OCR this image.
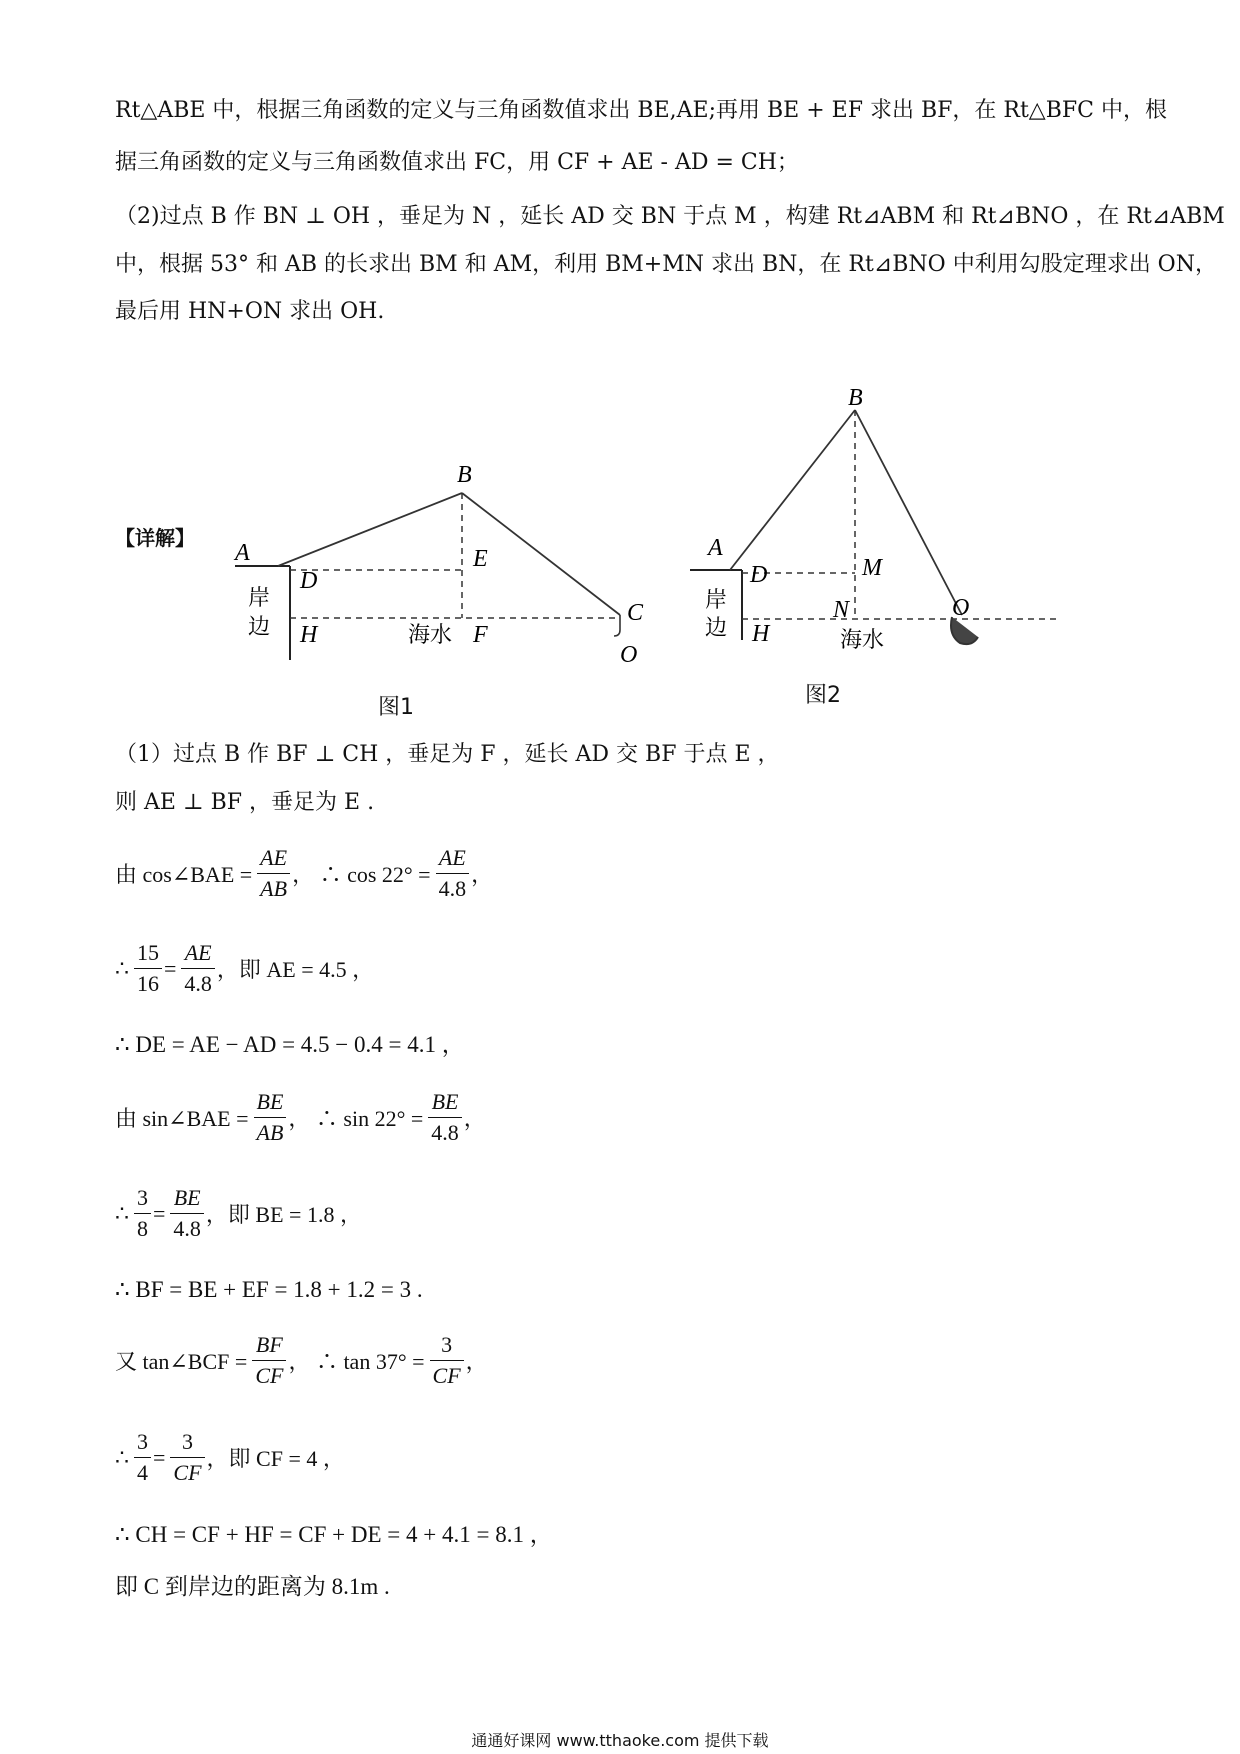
Rt△ABE 中，根据三角函数的定义与三角函数值求出 BE,AE;再用 BE + EF 求出 BF，在 Rt△BFC 中，根
据三角函数的定义与三角函数值求出 FC，用 CF + AE - AD = CH；
（2)过点 B 作 BN ⊥ OH ，垂足为 N ，延长 AD 交 BN 于点 M ，构建 Rt⊿ABM 和 Rt⊿BNO ，在 Rt⊿ABM
中，根据 53° 和 AB 的长求出 BM 和 AM，利用 BM+MN 求出 BN，在 Rt⊿BNO 中利用勾股定理求出 ON，
最后用 HN+ON 求出 OH.
【详解】
A
B
C
D
E
F
H
O
岸
边	海水
图1
B
A
D	M
N	O
H
岸
边	海水
图2
（1）过点 B 作 BF ⊥ CH ，垂足为 F ，延长 AD 交 BF 于点 E ，
则 AE ⊥ BF ，垂足为 E .
由 cos∠BAE = $\frac{AE}{AB}$ ， ∴ $\cos 22^\circ = \frac{AE}{4.8}$ ，
∴ $\frac{15}{16} = \frac{AE}{4.8}$ ，即 AE = 4.5 ，
∴ DE = AE − AD = 4.5 − 0.4 = 4.1 ，
由 sin∠BAE = $\frac{BE}{AB}$ ， ∴ $\sin 22^\circ = \frac{BE}{4.8}$ ，
∴ $\frac{3}{8} = \frac{BE}{4.8}$ ，即 BE = 1.8 ，
∴ BF = BE + EF = 1.8 + 1.2 = 3 .
又 tan∠BCF = $\frac{BF}{CF}$ ， ∴ $\tan 37^\circ = \frac{3}{CF}$ ，
∴ $\frac{3}{4} = \frac{3}{CF}$ ，即 CF = 4 ，
∴ CH = CF + HF = CF + DE = 4 + 4.1 = 8.1 ，
即 C 到岸边的距离为 8.1m .
通通好课网 www.tthaoke.com 提供下载
